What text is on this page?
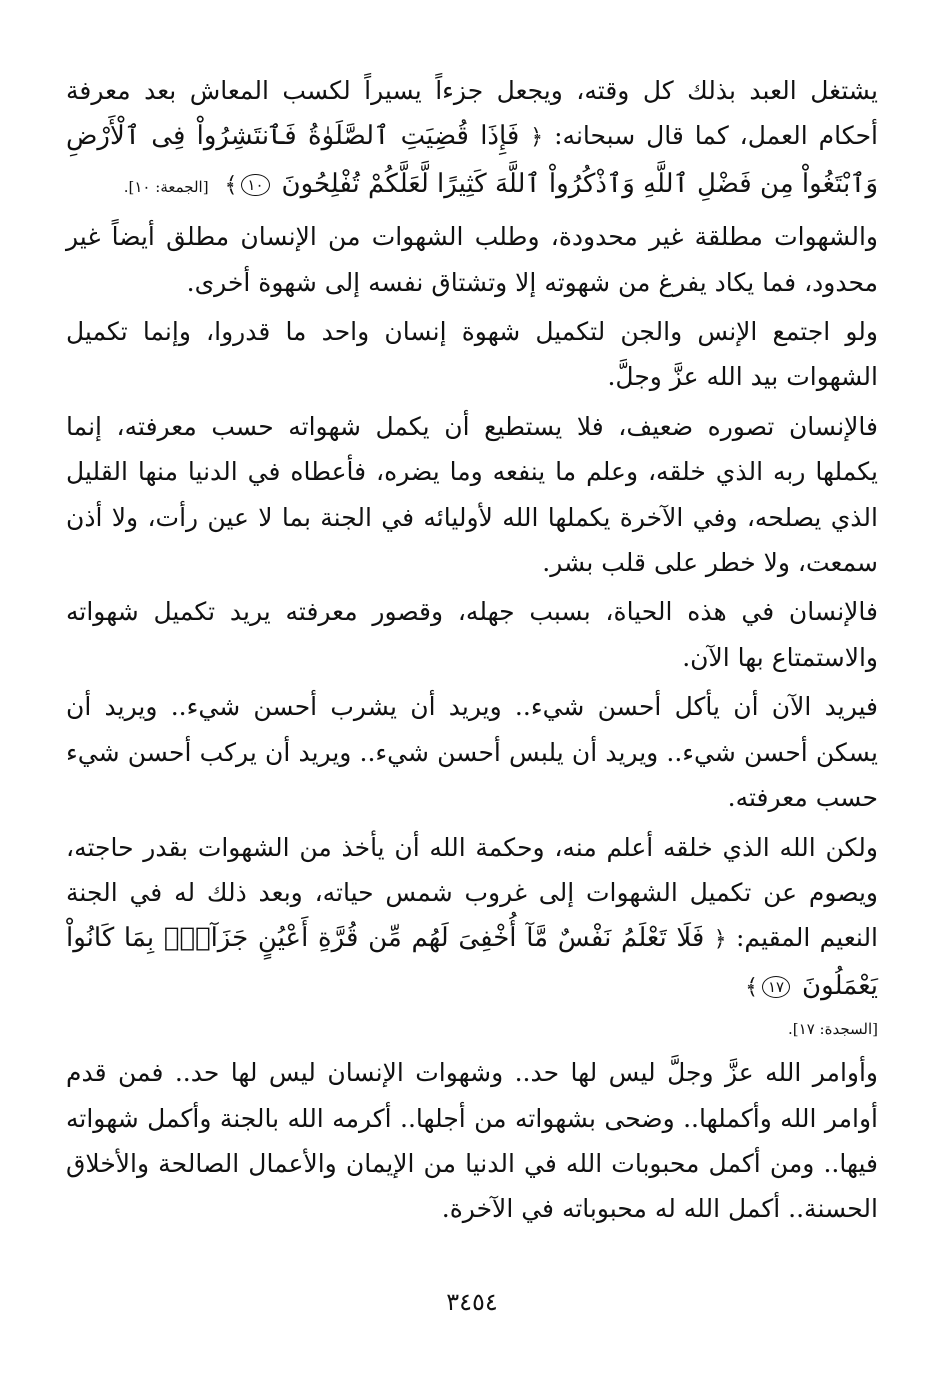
يشتغل العبد بذلك كل وقته، ويجعل جزءاً يسيراً لكسب المعاش بعد معرفة أحكام العمل، كما قال سبحانه: ﴿ فَإِذَا قُضِيَتِ ٱلصَّلَوٰةُ فَٱنتَشِرُواْ فِى ٱلْأَرْضِ وَٱبْتَغُواْ مِن فَضْلِ ٱللَّهِ وَٱذْكُرُواْ ٱللَّهَ كَثِيرًا لَّعَلَّكُمْ تُفْلِحُونَ ١٠﴾ [الجمعة: ١٠].

والشهوات مطلقة غير محدودة، وطلب الشهوات من الإنسان مطلق أيضاً غير محدود، فما يكاد يفرغ من شهوته إلا وتشتاق نفسه إلى شهوة أخرى.

ولو اجتمع الإنس والجن لتكميل شهوة إنسان واحد ما قدروا، وإنما تكميل الشهوات بيد الله عزَّ وجلَّ.

فالإنسان تصوره ضعيف، فلا يستطيع أن يكمل شهواته حسب معرفته، إنما يكملها ربه الذي خلقه، وعلم ما ينفعه وما يضره، فأعطاه في الدنيا منها القليل الذي يصلحه، وفي الآخرة يكملها الله لأوليائه في الجنة بما لا عين رأت، ولا أذن سمعت، ولا خطر على قلب بشر.

فالإنسان في هذه الحياة، بسبب جهله، وقصور معرفته يريد تكميل شهواته والاستمتاع بها الآن.

فيريد الآن أن يأكل أحسن شيء.. ويريد أن يشرب أحسن شيء.. ويريد أن يسكن أحسن شيء.. ويريد أن يلبس أحسن شيء.. ويريد أن يركب أحسن شيء حسب معرفته.

ولكن الله الذي خلقه أعلم منه، وحكمة الله أن يأخذ من الشهوات بقدر حاجته، ويصوم عن تكميل الشهوات إلى غروب شمس حياته، وبعد ذلك له في الجنة النعيم المقيم: ﴿ فَلَا تَعْلَمُ نَفْسٌ مَّآ أُخْفِىَ لَهُم مِّن قُرَّةِ أَعْيُنٍ جَزَآءًۢ بِمَا كَانُواْ يَعْمَلُونَ ١٧﴾

[السجدة: ١٧].

وأوامر الله عزَّ وجلَّ ليس لها حد.. وشهوات الإنسان ليس لها حد.. فمن قدم أوامر الله وأكملها.. وضحى بشهواته من أجلها.. أكرمه الله بالجنة وأكمل شهواته فيها.. ومن أكمل محبوبات الله في الدنيا من الإيمان والأعمال الصالحة والأخلاق الحسنة.. أكمل الله له محبوباته في الآخرة.

٣٤٥٤
